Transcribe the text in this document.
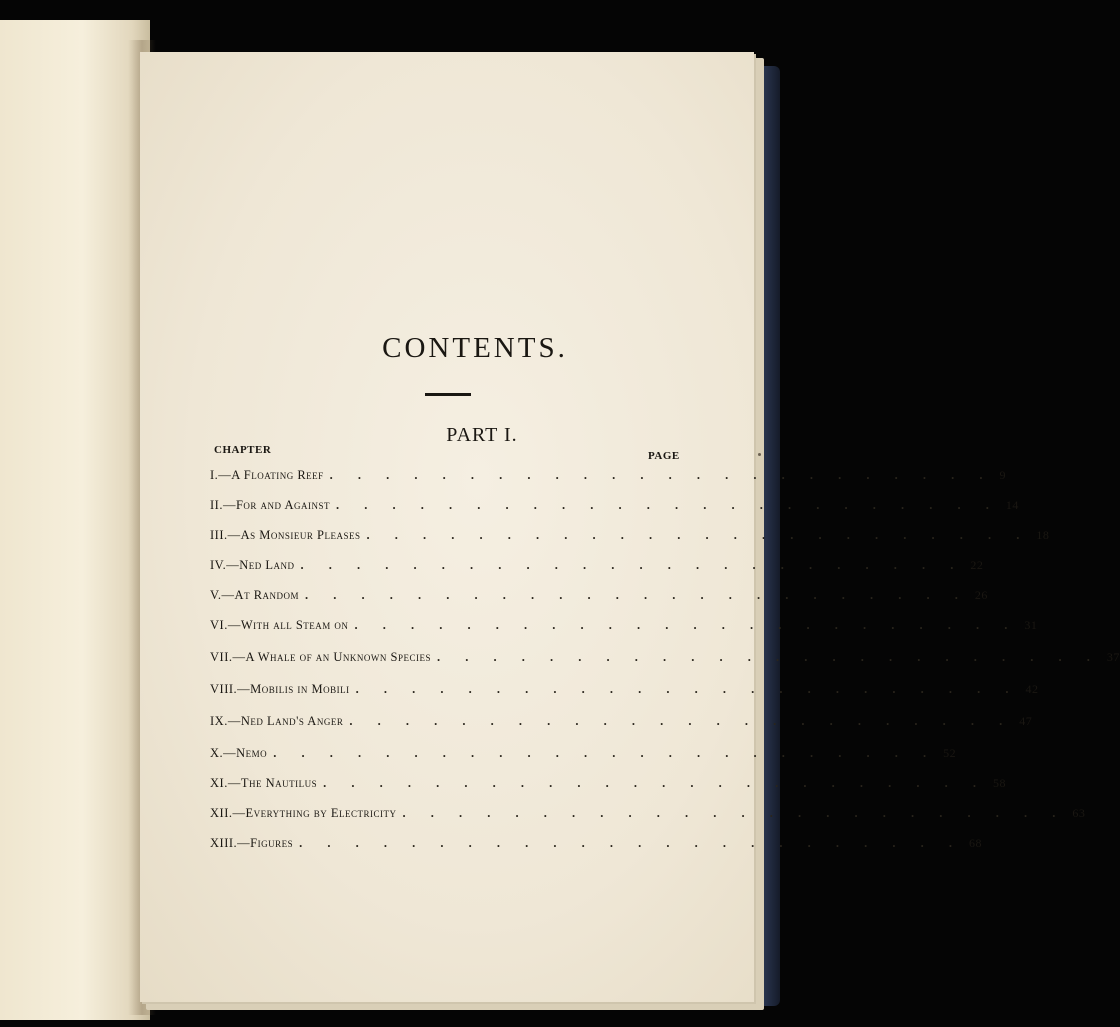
CONTENTS.
PART I.
CHAPTER	PAGE
I.—A Floating Reef . . . . . . . . . . . . . . . . . . . . . . . . 9
II.—For and Against . . . . . . . . . . . . . . . . . . . . . . . . 14
III.—As Monsieur Pleases . . . . . . . . . . . . . . . . . . . . . . . . 18
IV.—Ned Land . . . . . . . . . . . . . . . . . . . . . . . . 22
V.—At Random . . . . . . . . . . . . . . . . . . . . . . . . 26
VI.—With all Steam on . . . . . . . . . . . . . . . . . . . . . . . . 31
VII.—A Whale of an Unknown Species . . . . . . . . . . . . . . . . . . . . . . . . 37
VIII.—Mobilis in Mobili . . . . . . . . . . . . . . . . . . . . . . . . 42
IX.—Ned Land's Anger . . . . . . . . . . . . . . . . . . . . . . . . 47
X.—Nemo . . . . . . . . . . . . . . . . . . . . . . . . 52
XI.—The Nautilus . . . . . . . . . . . . . . . . . . . . . . . . 58
XII.—Everything by Electricity . . . . . . . . . . . . . . . . . . . . . . . . 63
XIII.—Figures . . . . . . . . . . . . . . . . . . . . . . . . 68
